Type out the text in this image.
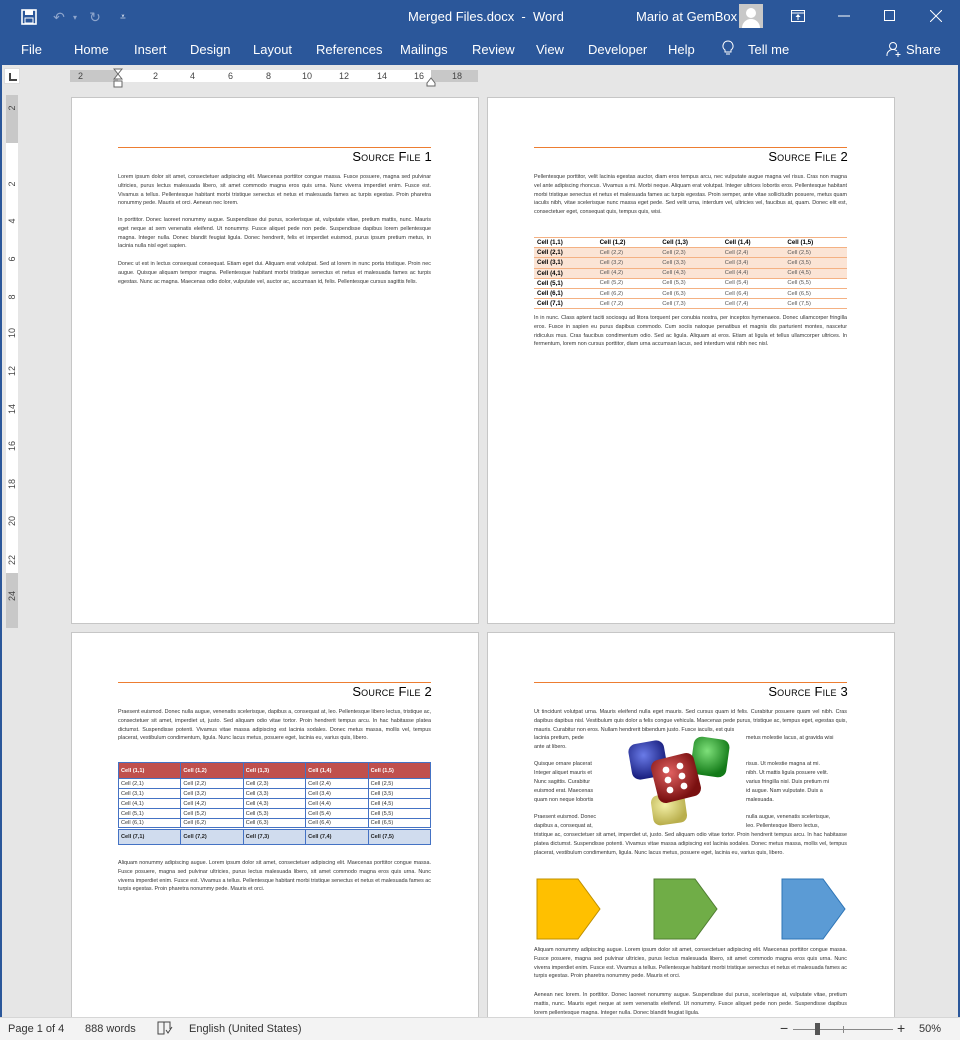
↶	▾ ↻	⩡	Merged Files.docx  -  Word	Mario at GemBox
File Home Insert Design Layout References Mailings Review View Developer Help	Tell me	Share
2	2	4	6	8	10	12	14	16	18
2
2
4
6
8
10
12
14
16
18
20
22
24
Source File 1
Lorem ipsum dolor sit amet, consectetuer adipiscing elit. Maecenas porttitor congue massa. Fusce posuere, magna sed pulvinar ultricies, purus lectus malesuada libero, sit amet commodo magna eros quis urna. Nunc viverra imperdiet enim. Fusce est. Vivamus a tellus. Pellentesque habitant morbi tristique senectus et netus et malesuada fames ac turpis egestas. Proin pharetra nonummy pede. Mauris et orci. Aenean nec lorem.
In porttitor. Donec laoreet nonummy augue. Suspendisse dui purus, scelerisque at, vulputate vitae, pretium mattis, nunc. Mauris eget neque at sem venenatis eleifend. Ut nonummy. Fusce aliquet pede non pede. Suspendisse dapibus lorem pellentesque magna. Integer nulla. Donec blandit feugiat ligula. Donec hendrerit, felis et imperdiet euismod, purus ipsum pretium metus, in lacinia nulla nisl eget sapien.
Donec ut est in lectus consequat consequat. Etiam eget dui. Aliquam erat volutpat. Sed at lorem in nunc porta tristique. Proin nec augue. Quisque aliquam tempor magna. Pellentesque habitant morbi tristique senectus et netus et malesuada fames ac turpis egestas. Nunc ac magna. Maecenas odio dolor, vulputate vel, auctor ac, accumsan id, felis. Pellentesque cursus sagittis felis.
Source File 2
Pellentesque porttitor, velit lacinia egestas auctor, diam eros tempus arcu, nec vulputate augue magna vel risus. Cras non magna vel ante adipiscing rhoncus. Vivamus a mi. Morbi neque. Aliquam erat volutpat. Integer ultrices lobortis eros. Pellentesque habitant morbi tristique senectus et netus et malesuada fames ac turpis egestas. Proin semper, ante vitae sollicitudin posuere, metus quam iaculis nibh, vitae scelerisque nunc massa eget pede. Sed velit urna, interdum vel, ultricies vel, faucibus at, quam. Donec elit est, consectetuer eget, consequat quis, tempus quis, wisi.
Cell (1,1)	Cell (1,2)	Cell (1,3)	Cell (1,4)	Cell (1,5)
Cell (2,1)	Cell (2,2)	Cell (2,3)	Cell (2,4)	Cell (2,5)
Cell (3,1)	Cell (3,2)	Cell (3,3)	Cell (3,4)	Cell (3,5)
Cell (4,1)	Cell (4,2)	Cell (4,3)	Cell (4,4)	Cell (4,5)
Cell (5,1)	Cell (5,2)	Cell (5,3)	Cell (5,4)	Cell (5,5)
Cell (6,1)	Cell (6,2)	Cell (6,3)	Cell (6,4)	Cell (6,5)
Cell (7,1)	Cell (7,2)	Cell (7,3)	Cell (7,4)	Cell (7,5)
In in nunc. Class aptent taciti sociosqu ad litora torquent per conubia nostra, per inceptos hymenaeos. Donec ullamcorper fringilla eros. Fusce in sapien eu purus dapibus commodo. Cum sociis natoque penatibus et magnis dis parturient montes, nascetur ridiculus mus. Cras faucibus condimentum odio. Sed ac ligula. Aliquam at eros. Etiam at ligula et tellus ullamcorper ultrices. In fermentum, lorem non cursus porttitor, diam urna accumsan lacus, sed interdum wisi nibh nec nisl.
Source File 2
Praesent euismod. Donec nulla augue, venenatis scelerisque, dapibus a, consequat at, leo. Pellentesque libero lectus, tristique ac, consectetuer sit amet, imperdiet ut, justo. Sed aliquam odio vitae tortor. Proin hendrerit tempus arcu. In hac habitasse platea dictumst. Suspendisse potenti. Vivamus vitae massa adipiscing est lacinia sodales. Donec metus massa, mollis vel, tempus placerat, vestibulum condimentum, ligula. Nunc lacus metus, posuere eget, lacinia eu, varius quis, libero.
Cell (1,1)	Cell (1,2)	Cell (1,3)	Cell (1,4)	Cell (1,5)
Cell (2,1)	Cell (2,2)	Cell (2,3)	Cell (2,4)	Cell (2,5)
Cell (3,1)	Cell (3,2)	Cell (3,3)	Cell (3,4)	Cell (3,5)
Cell (4,1)	Cell (4,2)	Cell (4,3)	Cell (4,4)	Cell (4,5)
Cell (5,1)	Cell (5,2)	Cell (5,3)	Cell (5,4)	Cell (5,5)
Cell (6,1)	Cell (6,2)	Cell (6,3)	Cell (6,4)	Cell (6,5)
Cell (7,1)	Cell (7,2)	Cell (7,3)	Cell (7,4)	Cell (7,5)
Aliquam nonummy adipiscing augue. Lorem ipsum dolor sit amet, consectetuer adipiscing elit. Maecenas porttitor congue massa. Fusce posuere, magna sed pulvinar ultricies, purus lectus malesuada libero, sit amet commodo magna eros quis urna. Nunc viverra imperdiet enim. Fusce est. Vivamus a tellus. Pellentesque habitant morbi tristique senectus et netus et malesuada fames ac turpis egestas. Proin pharetra nonummy pede. Mauris et orci.
Source File 3
Ut tincidunt volutpat urna. Mauris eleifend nulla eget mauris. Sed cursus quam id felis. Curabitur posuere quam vel nibh. Cras dapibus dapibus nisl. Vestibulum quis dolor a felis congue vehicula. Maecenas pede purus, tristique ac, tempus eget, egestas quis, mauris. Curabitur non eros. Nullam hendrerit bibendum justo. Fusce iaculis, est quis
lacinia pretium, pede
ante at libero.
Quisque ornare placerat
Integer aliquet mauris et
Nunc sagittis. Curabitur
euismod erat. Maecenas
quam non neque lobortis
Praesent euismod. Donec
dapibus a, consequat at,
metus molestie lacus, at gravida wisi
risus. Ut molestie magna at mi.
nibh. Ut mattis ligula posuere velit.
varius fringilla nisl. Duis pretium mi
id augue. Nam vulputate. Duis a
malesuada.
nulla augue, venenatis scelerisque,
leo. Pellentesque libero lectus,
tristique ac, consectetuer sit amet, imperdiet ut, justo. Sed aliquam odio vitae tortor. Proin hendrerit tempus arcu. In hac habitasse platea dictumst. Suspendisse potenti. Vivamus vitae massa adipiscing est lacinia sodales. Donec metus massa, mollis vel, tempus placerat, vestibulum condimentum, ligula. Nunc lacus metus, posuere eget, lacinia eu, varius quis, libero.
Aliquam nonummy adipiscing augue. Lorem ipsum dolor sit amet, consectetuer adipiscing elit. Maecenas porttitor congue massa. Fusce posuere, magna sed pulvinar ultricies, purus lectus malesuada libero, sit amet commodo magna eros quis urna. Nunc viverra imperdiet enim. Fusce est. Vivamus a tellus. Pellentesque habitant morbi tristique senectus et netus et malesuada fames ac turpis egestas. Proin pharetra nonummy pede. Mauris et orci.
Aenean nec lorem. In porttitor. Donec laoreet nonummy augue. Suspendisse dui purus, scelerisque at, vulputate vitae, pretium mattis, nunc. Mauris eget neque at sem venenatis eleifend. Ut nonummy. Fusce aliquet pede non pede. Suspendisse dapibus lorem pellentesque magna. Integer nulla. Donec blandit feugiat ligula.
Page 1 of 4 888 words	English (United States)	−	+ 50%
